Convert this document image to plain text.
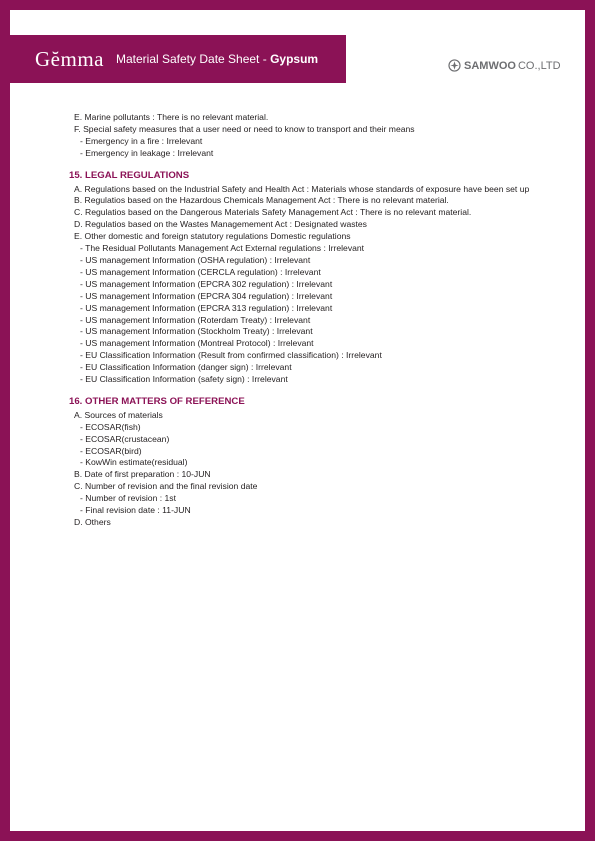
Gĕmma Material Safety Date Sheet - Gypsum	SAMWOO CO.,LTD
E. Marine pollutants : There is no relevant material.
F. Special safety measures that a user need or need to know to transport and their means
- Emergency in a fire : Irrelevant
- Emergency in leakage : Irrelevant
15. LEGAL REGULATIONS
A. Regulations based on the Industrial Safety and Health Act : Materials whose standards of exposure have been set up
B. Regulatios based on the Hazardous Chemicals Management Act : There is no relevant material.
C. Regulatios based on the Dangerous Materials Safety Management Act : There is no relevant material.
D. Regulatios based on the Wastes Managemement Act : Designated wastes
E. Other domestic and foreign statutory regulations Domestic regulations
- The Residual Pollutants Management Act External regulations : Irrelevant
- US management Information (OSHA regulation) : Irrelevant
- US management Information (CERCLA regulation) : Irrelevant
- US management Information (EPCRA 302 regulation) : Irrelevant
- US management Information (EPCRA 304 regulation) : Irrelevant
- US management Information (EPCRA 313 regulation) : Irrelevant
- US management Information (Roterdam Treaty) : Irrelevant
- US management Information (Stockholm Treaty) : Irrelevant
- US management Information (Montreal Protocol) : Irrelevant
- EU Classification Information (Result from confirmed classification) : Irrelevant
- EU Classification Information (danger sign) : Irrelevant
- EU Classification Information (safety sign) : Irrelevant
16. OTHER MATTERS OF REFERENCE
A. Sources of materials
- ECOSAR(fish)
- ECOSAR(crustacean)
- ECOSAR(bird)
- KowWin estimate(residual)
B. Date of first preparation : 10-JUN
C. Number of revision and the final revision date
- Number of revision : 1st
- Final revision date : 11-JUN
D. Others
